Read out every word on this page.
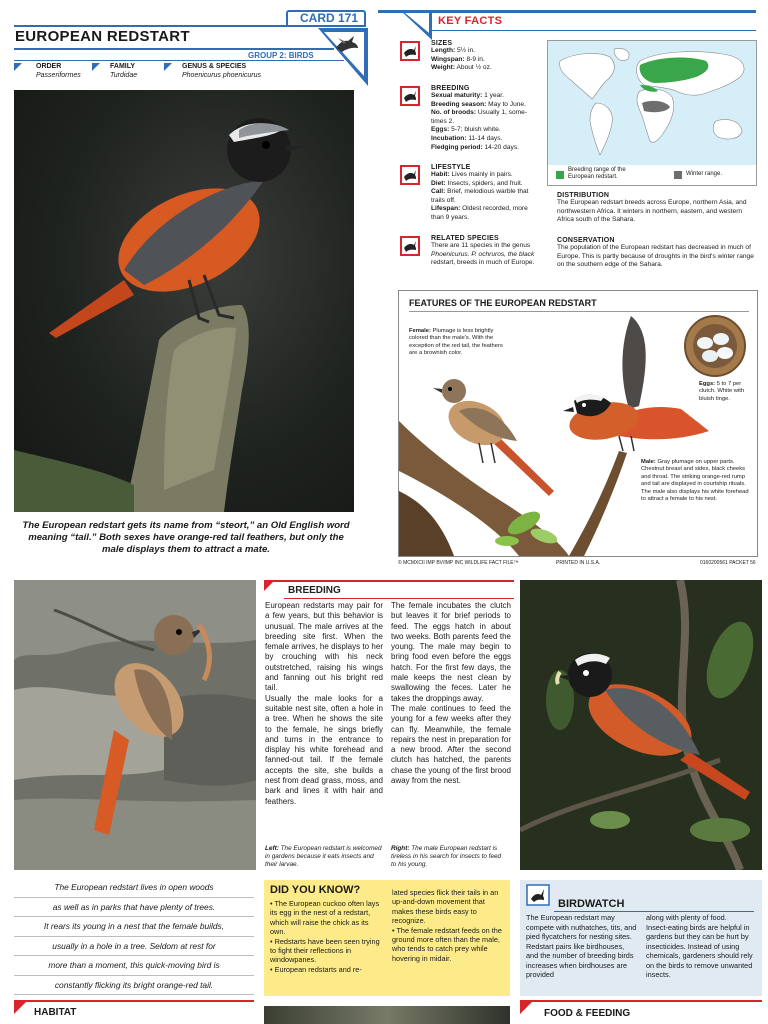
CARD 171
EUROPEAN REDSTART
GROUP 2: BIRDS
ORDER
Passeriformes
FAMILY
Turdidae
GENUS & SPECIES
Phoenicurus phoenicurus
The European redstart gets its name from “steort,” an Old English word meaning “tail.” Both sexes have orange-red tail feathers, but only the male displays them to attract a mate.
KEY FACTS
SIZES
Length: 5½ in.
Wingspan: 8-9 in.
Weight: About ½ oz.
BREEDING
Sexual maturity: 1 year.
Breeding season: May to June.
No. of broods: Usually 1, some-
times 2.
Eggs: 5-7; bluish white.
Incubation: 11-14 days.
Fledging period: 14-20 days.
LIFESTYLE
Habit: Lives mainly in pairs.
Diet: Insects, spiders, and fruit.
Call: Brief, melodious warble that
trails off.
Lifespan: Oldest recorded, more
than 9 years.
RELATED SPECIES
There are 11 species in the genus
Phoenicurus. P. ochruros, the black
redstart, breeds in much of Europe.
Breeding range of the European redstart.	Winter range.
DISTRIBUTION
The European redstart breeds across Europe, northern Asia, and northwestern Africa. It winters in northern, eastern, and western Africa south of the Sahara.
CONSERVATION
The population of the European redstart has decreased in much of Europe. This is partly because of droughts in the bird's winter range on the southern edge of the Sahara.
FEATURES OF THE EUROPEAN REDSTART
Female: Plumage is less brightly colored than the male's. With the exception of the red tail, the feathers are a brownish color.
Eggs: 5 to 7 per clutch. White with bluish tinge.
Male: Gray plumage on upper parts. Chestnut breast and sides, black cheeks and throat. The striking orange-red rump and tail are displayed in courtship rituals. The male also displays his white forehead to attract a female to his nest.
© MCMXCII IMP BV/IMP INC WILDLIFE FACT FILE™	PRINTED IN U.S.A.	0160200561 PACKET 56
BREEDING
European redstarts may pair for a few years, but this behavior is unusual. The male arrives at the breeding site first. When the female arrives, he displays to her by crouching with his neck outstretched, raising his wings and fanning out his bright red tail.
Usually the male looks for a suitable nest site, often a hole in a tree. When he shows the site to the female, he sings briefly and turns in the entrance to display his white forehead and fanned-out tail. If the female accepts the site, she builds a nest from dead grass, moss, and bark and lines it with hair and feathers.
The female incubates the clutch but leaves it for brief periods to feed. The eggs hatch in about two weeks. Both parents feed the young. The male may begin to bring food even before the eggs hatch. For the first few days, the male keeps the nest clean by swallowing the feces. Later he takes the droppings away.
The male continues to feed the young for a few weeks after they can fly. Meanwhile, the female repairs the nest in preparation for a new brood. After the second clutch has hatched, the parents chase the young of the first brood away from the nest.
Left: The European redstart is welcomed in gardens because it eats insects and their larvae.
Right: The male European redstart is tireless in his search for insects to feed to his young.
The European redstart lives in open woods
as well as in parks that have plenty of trees.
It rears its young in a nest that the female builds,
usually in a hole in a tree. Seldom at rest for
more than a moment, this quick-moving bird is
constantly flicking its bright orange-red tail.
HABITAT
DID YOU KNOW?
• The European cuckoo often lays its egg in the nest of a redstart, which will raise the chick as its own.
• Redstarts have been seen trying to fight their reflections in windowpanes.
• European redstarts and re-
lated species flick their tails in an up-and-down movement that makes these birds easy to recognize.
• The female redstart feeds on the ground more often than the male, who tends to catch prey while hovering in midair.
BIRDWATCH
The European redstart may compete with nuthatches, tits, and pied flycatchers for nesting sites. Redstart pairs like birdhouses, and the number of breeding birds increases when birdhouses are provided
along with plenty of food.
Insect-eating birds are helpful in gardens but they can be hurt by insecticides. Instead of using chemicals, gardeners should rely on the birds to remove unwanted insects.
FOOD & FEEDING
